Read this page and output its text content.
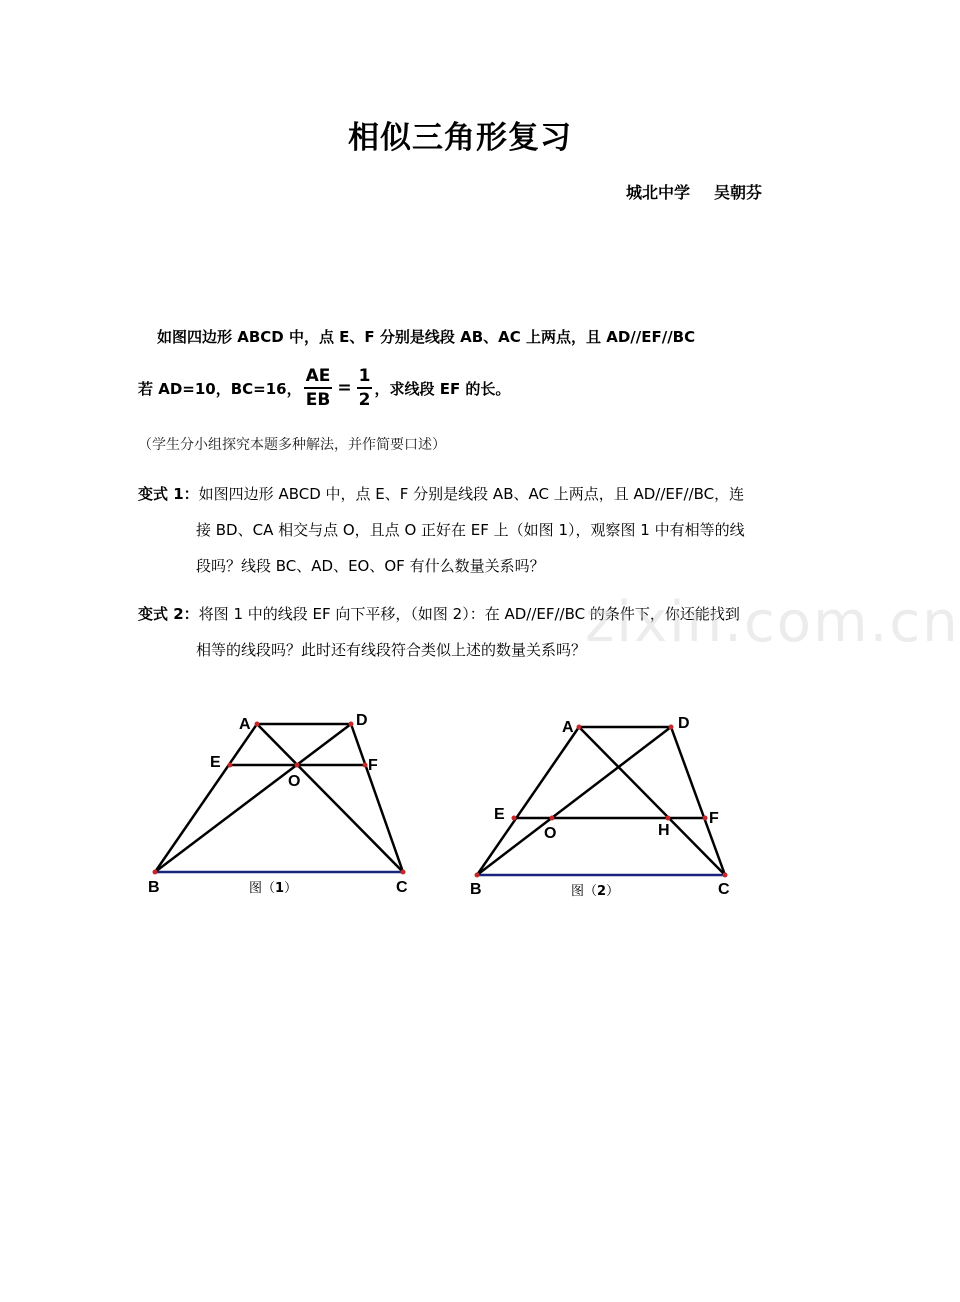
相似三角形复习
城北中学 吴朝芬
如图四边形 ABCD 中，点 E、F 分别是线段 AB、AC 上两点，且 AD//EF//BC
若 AD=10，BC=16， $\frac{AE}{EB} = \frac{1}{2}$ ，求线段 EF 的长。
（学生分小组探究本题多种解法，并作简要口述）
变式 1：如图四边形 ABCD 中，点 E、F 分别是线段 AB、AC 上两点，且 AD//EF//BC，连
接 BD、CA 相交与点 O，且点 O 正好在 EF 上（如图 1），观察图 1 中有相等的线
段吗？线段 BC、AD、EO、OF 有什么数量关系吗？
变式 2：将图 1 中的线段 EF 向下平移，（如图 2）：在 AD//EF//BC 的条件下，你还能找到
相等的线段吗？此时还有线段符合类似上述的数量关系吗？
zixin.com.cn
A	D
E	F
O
B	C
图（1）
A	D
E	F
O	H
B	C
图（2）
